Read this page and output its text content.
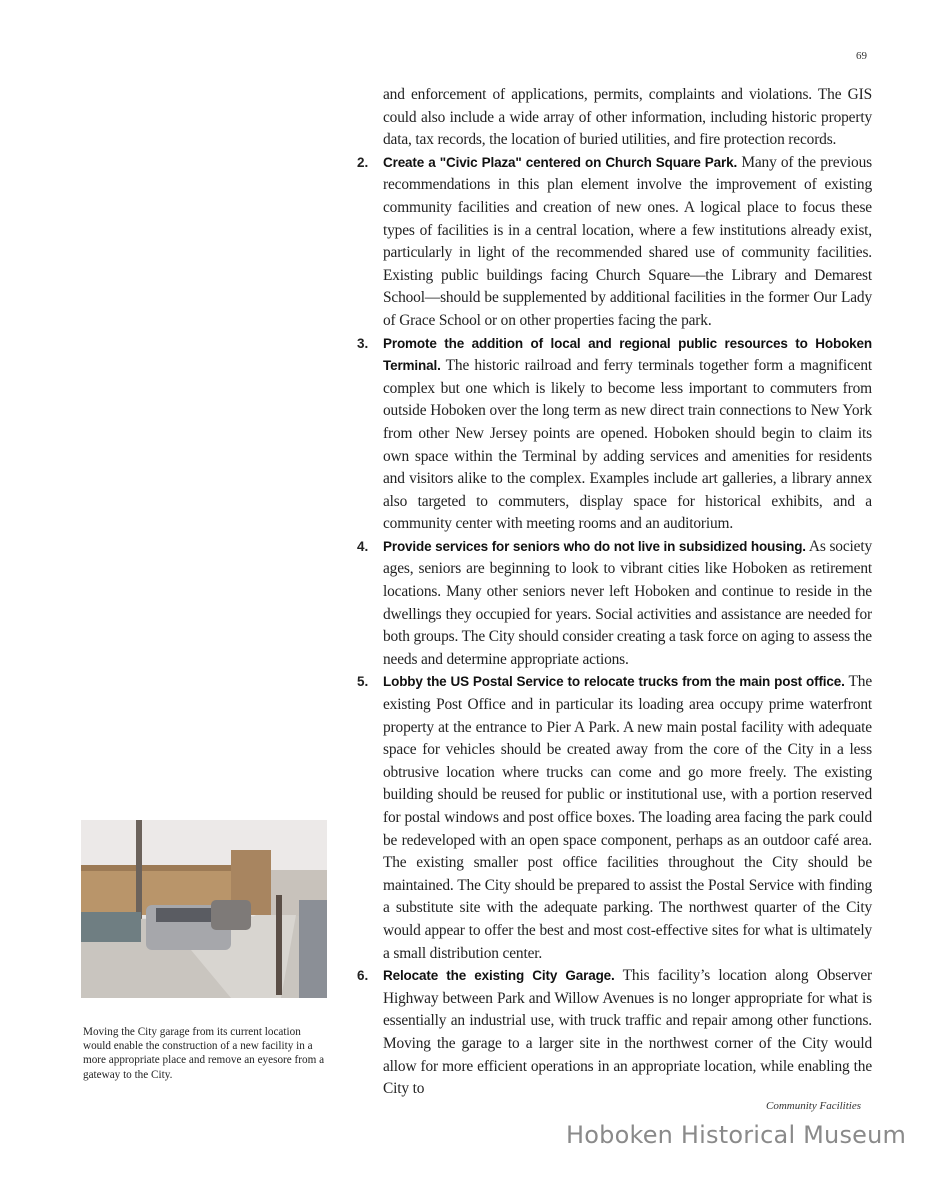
69

and enforcement of applications, permits, complaints and violations. The GIS could also include a wide array of other information, including historic property data, tax records, the location of buried utilities, and fire protection records.

2. Create a "Civic Plaza" centered on Church Square Park. Many of the previous recommendations in this plan element involve the improvement of existing community facilities and creation of new ones. A logical place to focus these types of facilities is in a central location, where a few institutions already exist, particularly in light of the recommended shared use of community facilities. Existing public buildings facing Church Square—the Library and Demarest School—should be supplemented by additional facilities in the former Our Lady of Grace School or on other properties facing the park.
3. Promote the addition of local and regional public resources to Hoboken Terminal. The historic railroad and ferry terminals together form a magnificent complex but one which is likely to become less important to commuters from outside Hoboken over the long term as new direct train connections to New York from other New Jersey points are opened. Hoboken should begin to claim its own space within the Terminal by adding services and amenities for residents and visitors alike to the complex. Examples include art galleries, a library annex also targeted to commuters, display space for historical exhibits, and a community center with meeting rooms and an auditorium.
4. Provide services for seniors who do not live in subsidized housing. As society ages, seniors are beginning to look to vibrant cities like Hoboken as retirement locations. Many other seniors never left Hoboken and continue to reside in the dwellings they occupied for years. Social activities and assistance are needed for both groups. The City should consider creating a task force on aging to assess the needs and determine appropriate actions.
5. Lobby the US Postal Service to relocate trucks from the main post office. The existing Post Office and in particular its loading area occupy prime waterfront property at the entrance to Pier A Park. A new main postal facility with adequate space for vehicles should be created away from the core of the City in a less obtrusive location where trucks can come and go more freely. The existing building should be reused for public or institutional use, with a portion reserved for postal windows and post office boxes. The loading area facing the park could be redeveloped with an open space component, perhaps as an outdoor café area. The existing smaller post office facilities throughout the City should be maintained. The City should be prepared to assist the Postal Service with finding a substitute site with the adequate parking. The northwest quarter of the City would appear to offer the best and most cost-effective sites for what is ultimately a small distribution center.
6. Relocate the existing City Garage. This facility’s location along Observer Highway between Park and Willow Avenues is no longer appropriate for what is essentially an industrial use, with truck traffic and repair among other functions. Moving the garage to a larger site in the northwest corner of the City would allow for more efficient operations in an appropriate location, while enabling the City to
Moving the City garage from its current location would enable the construction of a new facility in a more appropriate place and remove an eyesore from a gateway to the City.
Community Facilities
Hoboken Historical Museum
